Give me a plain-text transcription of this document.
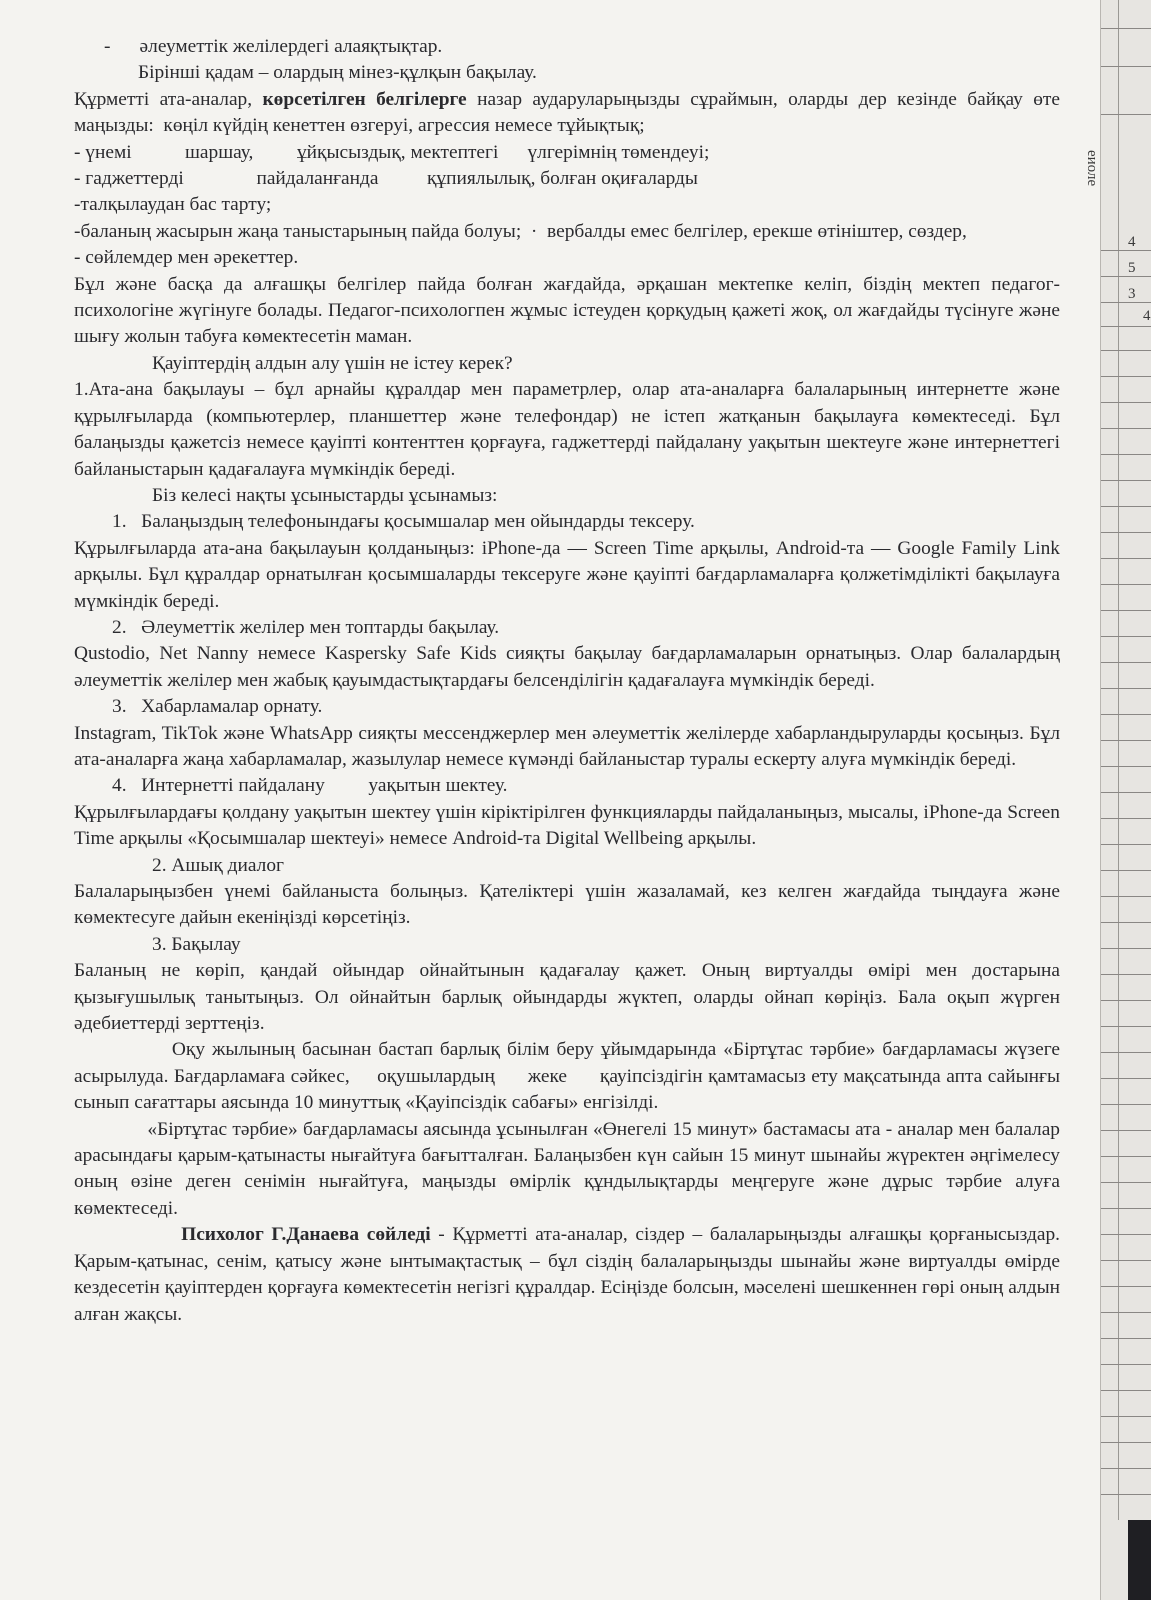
-      әлеуметтік желілердегі алаяқтықтар.

Бірінші қадам – олардың мінез-құлқын бақылау.

Құрметті ата-аналар, көрсетілген белгілерге назар аударуларыңызды сұраймын, оларды дер кезінде байқау өте маңызды:  көңіл күйдің кенеттен өзгеруі, агрессия немесе тұйықтық;

- үнемі           шаршау,         ұйқысыздық, мектептегі      үлгерімнің төмендеуі;

- гаджеттерді               пайдаланғанда          құпиялылық, болған оқиғаларды

-талқылаудан бас тарту;

-баланың жасырын жаңа таныстарының пайда болуы;  ·  вербалды емес белгілер, ерекше өтініштер, сөздер,

- сөйлемдер мен әрекеттер.

Бұл және басқа да алғашқы белгілер пайда болған жағдайда, әрқашан мектепке келіп, біздің мектеп педагог-психологіне жүгінуге болады. Педагог-психологпен жұмыс істеуден қорқудың қажеті жоқ, ол жағдайды түсінуге және шығу жолын табуға көмектесетін маман.

Қауіптердің алдын алу үшін не істеу керек?

1.Ата-ана бақылауы – бұл арнайы құралдар мен параметрлер, олар ата-аналарға балаларының интернетте және құрылғыларда (компьютерлер, планшеттер және телефондар) не істеп жатқанын бақылауға көмектеседі. Бұл балаңызды қажетсіз немесе қауіпті контенттен қорғауға, гаджеттерді пайдалану уақытын шектеуге және интернеттегі байланыстарын қадағалауға мүмкіндік береді.

Біз келесі нақты ұсыныстарды ұсынамыз:

1.   Балаңыздың телефонындағы қосымшалар мен ойындарды тексеру.

Құрылғыларда ата-ана бақылауын қолданыңыз: iPhone-да — Screen Time арқылы, Android-та — Google Family Link арқылы. Бұл құралдар орнатылған қосымшаларды тексеруге және қауіпті бағдарламаларға қолжетімділікті бақылауға мүмкіндік береді.

2.   Әлеуметтік желілер мен топтарды бақылау.

Qustodio, Net Nanny немесе Kaspersky Safe Kids сияқты бақылау бағдарламаларын орнатыңыз. Олар балалардың әлеуметтік желілер мен жабық қауымдастықтардағы белсенділігін қадағалауға мүмкіндік береді.

3.   Хабарламалар орнату.

Instagram, TikTok және WhatsApp сияқты мессенджерлер мен әлеуметтік желілерде хабарландыруларды қосыңыз. Бұл ата-аналарға жаңа хабарламалар, жазылулар немесе күмәнді байланыстар туралы ескерту алуға мүмкіндік береді.

4.   Интернетті пайдалану         уақытын шектеу.

Құрылғылардағы қолдану уақытын шектеу үшін кіріктірілген функцияларды пайдаланыңыз, мысалы, iPhone-да Screen Time арқылы «Қосымшалар шектеуі» немесе Android-та Digital Wellbeing арқылы.

2. Ашық диалог

Балаларыңызбен үнемі байланыста болыңыз. Қателіктері үшін жазаламай, кез келген жағдайда тыңдауға және көмектесуге дайын екеніңізді көрсетіңіз.

3. Бақылау

Баланың не көріп, қандай ойындар ойнайтынын қадағалау қажет. Оның виртуалды өмірі мен достарына қызығушылық танытыңыз. Ол ойнайтын барлық ойындарды жүктеп, оларды ойнап көріңіз. Бала оқып жүрген әдебиеттерді зерттеңіз.

Оқу жылының басынан бастап барлық білім беру ұйымдарында «Біртұтас тәрбие» бағдарламасы жүзеге асырылуда. Бағдарламаға сәйкес,     оқушылардың      жеке      қауіпсіздігін қамтамасыз ету мақсатында апта сайынғы сынып сағаттары аясында 10 минуттық «Қауіпсіздік сабағы» енгізілді.

«Біртұтас тәрбие» бағдарламасы аясында ұсынылған «Өнегелі 15 минут» бастамасы ата - аналар мен балалар арасындағы қарым-қатынасты нығайтуға бағытталған. Балаңызбен күн сайын 15 минут шынайы жүректен әңгімелесу оның өзіне деген сенімін нығайтуға, маңызды өмірлік құндылықтарды меңгеруге және дұрыс тәрбие алуға көмектеседі.

Психолог Г.Данаева сөйледі - Құрметті ата-аналар, сіздер – балаларыңызды алғашқы қорғаныcыздар. Қарым-қатынас, сенім, қатысу және ынтымақтастық – бұл сіздің балаларыңызды шынайы және виртуалды өмірде кездесетін қауіптерден қорғауға көмектесетін негізгі құралдар. Есіңізде болсын, мәселені шешкеннен гөрі оның алдын алған жақсы.

4
5
3
4
еиоле
